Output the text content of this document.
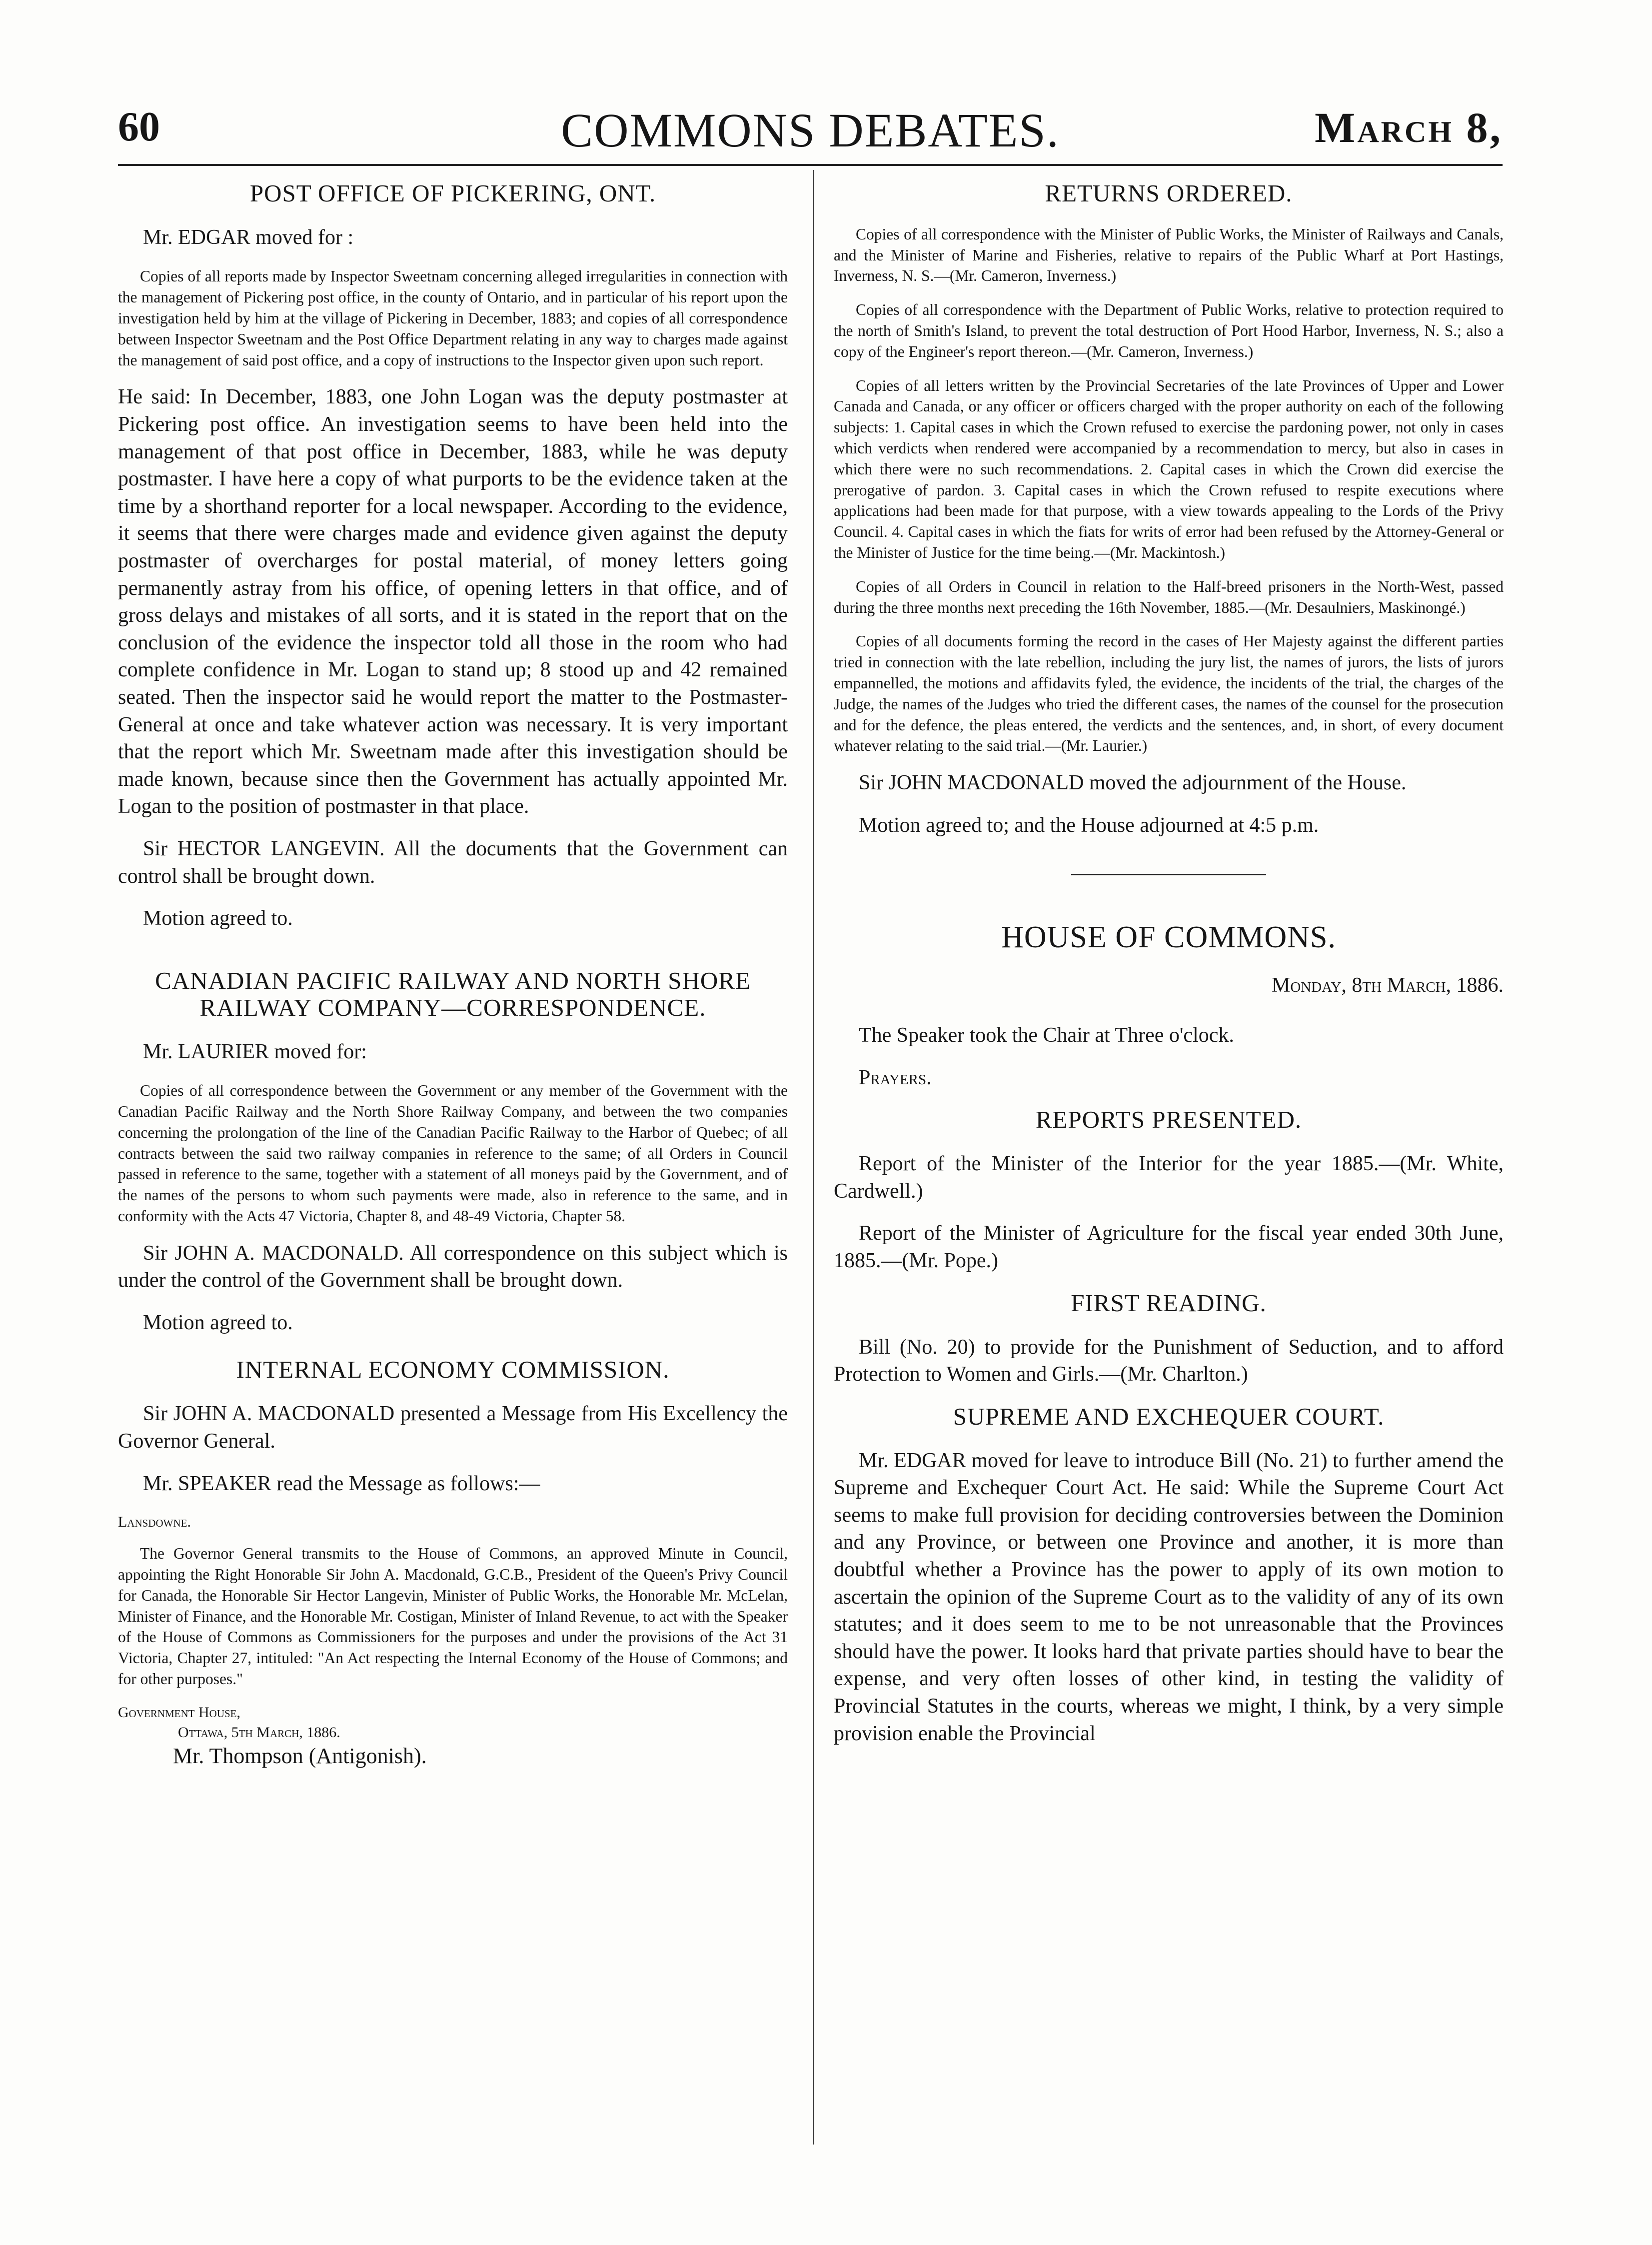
60	COMMONS DEBATES.	March 8,
POST OFFICE OF PICKERING, ONT.

Mr. EDGAR moved for :

Copies of all reports made by Inspector Sweetnam concerning alleged irregularities in connection with the management of Pickering post office, in the county of Ontario, and in particular of his report upon the investigation held by him at the village of Pickering in December, 1883; and copies of all correspondence between Inspector Sweetnam and the Post Office Department relating in any way to charges made against the management of said post office, and a copy of instructions to the Inspector given upon such report.

He said: In December, 1883, one John Logan was the deputy postmaster at Pickering post office. An investigation seems to have been held into the management of that post office in December, 1883, while he was deputy postmaster. I have here a copy of what purports to be the evidence taken at the time by a shorthand reporter for a local newspaper. According to the evidence, it seems that there were charges made and evidence given against the deputy postmaster of overcharges for postal material, of money letters going permanently astray from his office, of opening letters in that office, and of gross delays and mistakes of all sorts, and it is stated in the report that on the conclusion of the evidence the inspector told all those in the room who had complete confidence in Mr. Logan to stand up; 8 stood up and 42 remained seated. Then the inspector said he would report the matter to the Postmaster-General at once and take whatever action was necessary. It is very important that the report which Mr. Sweetnam made after this investigation should be made known, because since then the Government has actually appointed Mr. Logan to the position of postmaster in that place.

Sir HECTOR LANGEVIN. All the documents that the Government can control shall be brought down.

Motion agreed to.

CANADIAN PACIFIC RAILWAY AND NORTH SHORE RAILWAY COMPANY—CORRESPONDENCE.

Mr. LAURIER moved for:

Copies of all correspondence between the Government or any member of the Government with the Canadian Pacific Railway and the North Shore Railway Company, and between the two companies concerning the prolongation of the line of the Canadian Pacific Railway to the Harbor of Quebec; of all contracts between the said two railway companies in reference to the same; of all Orders in Council passed in reference to the same, together with a statement of all moneys paid by the Government, and of the names of the persons to whom such payments were made, also in reference to the same, and in conformity with the Acts 47 Victoria, Chapter 8, and 48-49 Victoria, Chapter 58.

Sir JOHN A. MACDONALD. All correspondence on this subject which is under the control of the Government shall be brought down.

Motion agreed to.

INTERNAL ECONOMY COMMISSION.

Sir JOHN A. MACDONALD presented a Message from His Excellency the Governor General.

Mr. SPEAKER read the Message as follows:—

Lansdowne.

The Governor General transmits to the House of Commons, an approved Minute in Council, appointing the Right Honorable Sir John A. Macdonald, G.C.B., President of the Queen's Privy Council for Canada, the Honorable Sir Hector Langevin, Minister of Public Works, the Honorable Mr. McLelan, Minister of Finance, and the Honorable Mr. Costigan, Minister of Inland Revenue, to act with the Speaker of the House of Commons as Commissioners for the purposes and under the provisions of the Act 31 Victoria, Chapter 27, intituled: "An Act respecting the Internal Economy of the House of Commons; and for other purposes."

Government House,

Ottawa, 5th March, 1886.

Mr. Thompson (Antigonish).

RETURNS ORDERED.

Copies of all correspondence with the Minister of Public Works, the Minister of Railways and Canals, and the Minister of Marine and Fisheries, relative to repairs of the Public Wharf at Port Hastings, Inverness, N. S.—(Mr. Cameron, Inverness.)

Copies of all correspondence with the Department of Public Works, relative to protection required to the north of Smith's Island, to prevent the total destruction of Port Hood Harbor, Inverness, N. S.; also a copy of the Engineer's report thereon.—(Mr. Cameron, Inverness.)

Copies of all letters written by the Provincial Secretaries of the late Provinces of Upper and Lower Canada and Canada, or any officer or officers charged with the proper authority on each of the following subjects: 1. Capital cases in which the Crown refused to exercise the pardoning power, not only in cases which verdicts when rendered were accompanied by a recommendation to mercy, but also in cases in which there were no such recommendations. 2. Capital cases in which the Crown did exercise the prerogative of pardon. 3. Capital cases in which the Crown refused to respite executions where applications had been made for that purpose, with a view towards appealing to the Lords of the Privy Council. 4. Capital cases in which the fiats for writs of error had been refused by the Attorney-General or the Minister of Justice for the time being.—(Mr. Mackintosh.)

Copies of all Orders in Council in relation to the Half-breed prisoners in the North-West, passed during the three months next preceding the 16th November, 1885.—(Mr. Desaulniers, Maskinongé.)

Copies of all documents forming the record in the cases of Her Majesty against the different parties tried in connection with the late rebellion, including the jury list, the names of jurors, the lists of jurors empannelled, the motions and affidavits fyled, the evidence, the incidents of the trial, the charges of the Judge, the names of the Judges who tried the different cases, the names of the counsel for the prosecution and for the defence, the pleas entered, the verdicts and the sentences, and, in short, of every document whatever relating to the said trial.—(Mr. Laurier.)

Sir JOHN MACDONALD moved the adjournment of the House.

Motion agreed to; and the House adjourned at 4:5 p.m.

HOUSE OF COMMONS.

Monday, 8th March, 1886.

The Speaker took the Chair at Three o'clock.

Prayers.

REPORTS PRESENTED.

Report of the Minister of the Interior for the year 1885.—(Mr. White, Cardwell.)

Report of the Minister of Agriculture for the fiscal year ended 30th June, 1885.—(Mr. Pope.)

FIRST READING.

Bill (No. 20) to provide for the Punishment of Seduction, and to afford Protection to Women and Girls.—(Mr. Charlton.)

SUPREME AND EXCHEQUER COURT.

Mr. EDGAR moved for leave to introduce Bill (No. 21) to further amend the Supreme and Exchequer Court Act. He said: While the Supreme Court Act seems to make full provision for deciding controversies between the Dominion and any Province, or between one Province and another, it is more than doubtful whether a Province has the power to apply of its own motion to ascertain the opinion of the Supreme Court as to the validity of any of its own statutes; and it does seem to me to be not unreasonable that the Provinces should have the power. It looks hard that private parties should have to bear the expense, and very often losses of other kind, in testing the validity of Provincial Statutes in the courts, whereas we might, I think, by a very simple provision enable the Provincial
